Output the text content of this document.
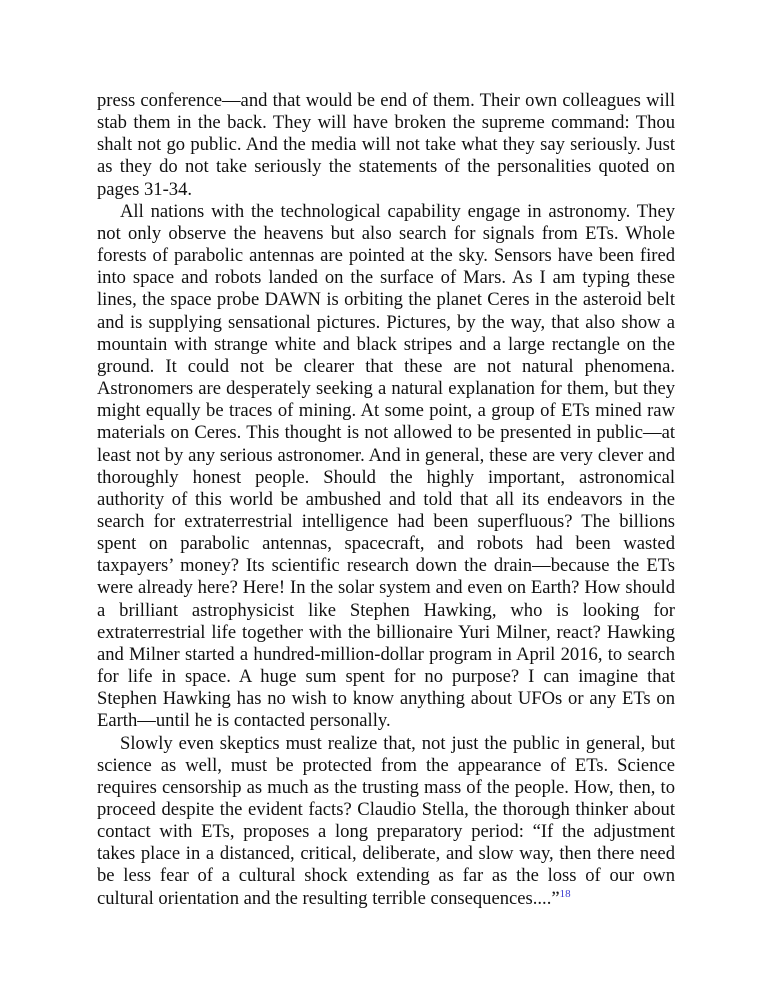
press conference—and that would be end of them. Their own colleagues will stab them in the back. They will have broken the supreme command: Thou shalt not go public. And the media will not take what they say seriously. Just as they do not take seriously the statements of the personalities quoted on pages 31-34.

All nations with the technological capability engage in astronomy. They not only observe the heavens but also search for signals from ETs. Whole forests of parabolic antennas are pointed at the sky. Sensors have been fired into space and robots landed on the surface of Mars. As I am typing these lines, the space probe DAWN is orbiting the planet Ceres in the asteroid belt and is supplying sensational pictures. Pictures, by the way, that also show a mountain with strange white and black stripes and a large rectangle on the ground. It could not be clearer that these are not natural phenomena. Astronomers are desperately seeking a natural explanation for them, but they might equally be traces of mining. At some point, a group of ETs mined raw materials on Ceres. This thought is not allowed to be presented in public—at least not by any serious astronomer. And in general, these are very clever and thoroughly honest people. Should the highly important, astronomical authority of this world be ambushed and told that all its endeavors in the search for extraterrestrial intelligence had been superfluous? The billions spent on parabolic antennas, spacecraft, and robots had been wasted taxpayers’ money? Its scientific research down the drain—because the ETs were already here? Here! In the solar system and even on Earth? How should a brilliant astrophysicist like Stephen Hawking, who is looking for extraterrestrial life together with the billionaire Yuri Milner, react? Hawking and Milner started a hundred-million-dollar program in April 2016, to search for life in space. A huge sum spent for no purpose? I can imagine that Stephen Hawking has no wish to know anything about UFOs or any ETs on Earth—until he is contacted personally.

Slowly even skeptics must realize that, not just the public in general, but science as well, must be protected from the appearance of ETs. Science requires censorship as much as the trusting mass of the people. How, then, to proceed despite the evident facts? Claudio Stella, the thorough thinker about contact with ETs, proposes a long preparatory period: “If the adjustment takes place in a distanced, critical, deliberate, and slow way, then there need be less fear of a cultural shock extending as far as the loss of our own cultural orientation and the resulting terrible consequences....”$^{18}$
